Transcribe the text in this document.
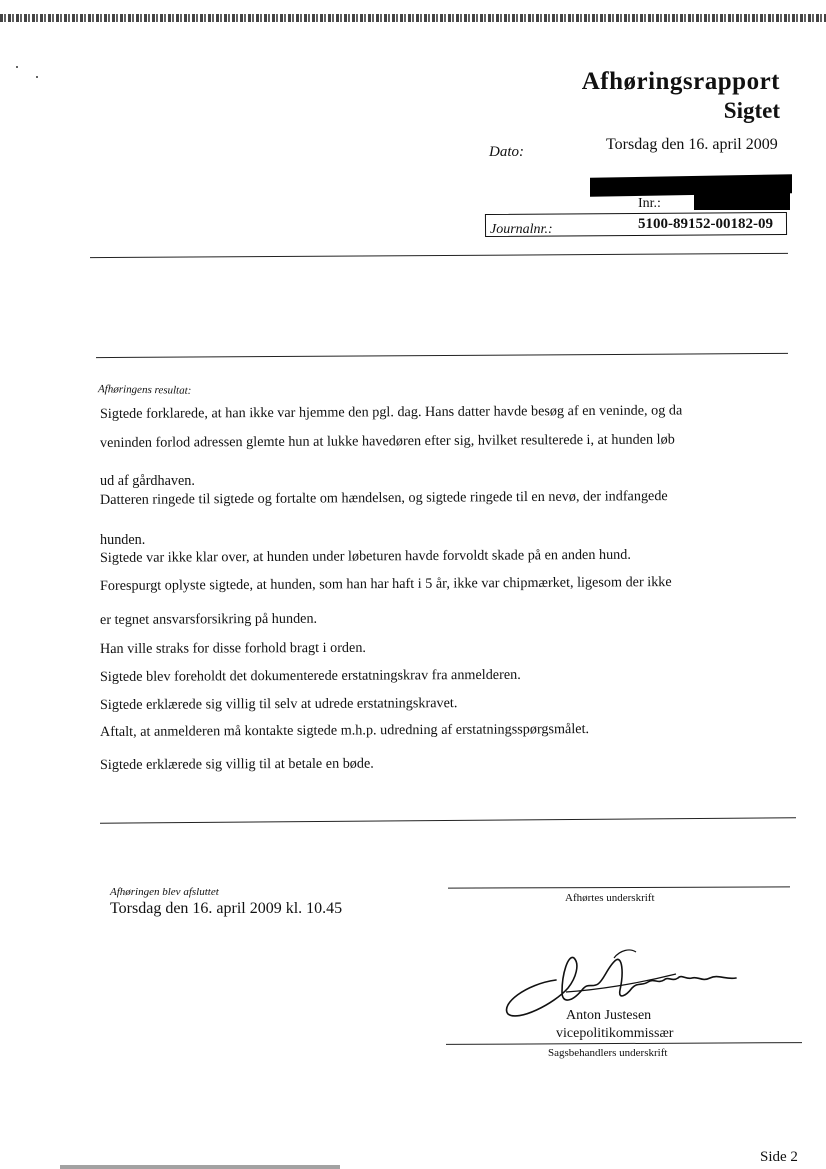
Afhøringsrapport
Sigtet
Dato:	Torsdag den 16. april 2009
Inr.:
Journalnr.:	5100-89152-00182-09
Afhøringens resultat:
Sigtede forklarede, at han ikke var hjemme den pgl. dag. Hans datter havde besøg af en veninde, og da
veninden forlod adressen glemte hun at lukke havedøren efter sig, hvilket resulterede i, at hunden løb
ud af gårdhaven.
Datteren ringede til sigtede og fortalte om hændelsen, og sigtede ringede til en nevø, der indfangede
hunden.
Sigtede var ikke klar over, at hunden under løbeturen havde forvoldt skade på en anden hund.
Forespurgt oplyste sigtede, at hunden, som han har haft i 5 år, ikke var chipmærket, ligesom der ikke
er tegnet ansvarsforsikring på hunden.
Han ville straks for disse forhold bragt i orden.
Sigtede blev foreholdt det dokumenterede erstatningskrav fra anmelderen.
Sigtede erklærede sig villig til selv at udrede erstatningskravet.
Aftalt, at anmelderen må kontakte sigtede m.h.p. udredning af erstatningsspørgsmålet.
Sigtede erklærede sig villig til at betale en bøde.
Afhøringen blev afsluttet
Torsdag den 16. april 2009 kl. 10.45
Afhørtes underskrift
Anton Justesen
vicepolitikommissær
Sagsbehandlers underskrift
Side 2
